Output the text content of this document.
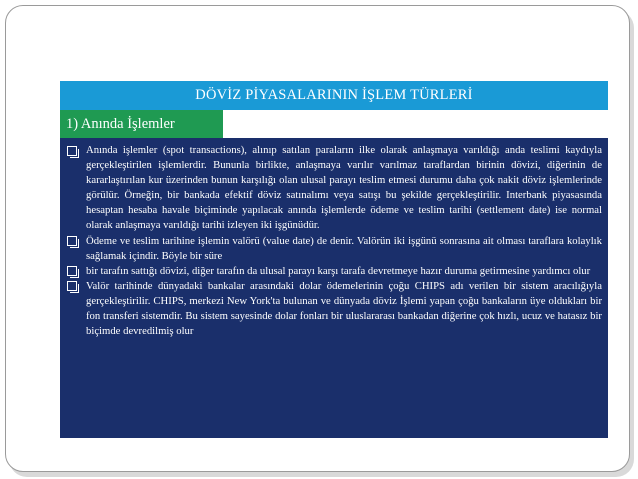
DÖVİZ PİYASALARININ İŞLEM TÜRLERİ
1) Anında İşlemler
Anında işlemler (spot transactions), alınıp satılan paraların ilke olarak anlaşmaya varıldığı anda teslimi kaydıyla gerçekleştirilen işlemlerdir. Bununla birlikte, anlaşmaya varılır varılmaz taraflardan birinin dövizi, diğerinin de kararlaştırılan kur üzerinden bunun karşılığı olan ulusal parayı teslim etmesi durumu daha çok nakit döviz işlemlerinde görülür. Örneğin, bir bankada efektif döviz satınalımı veya satışı bu şekilde gerçekleştirilir. Interbank piyasasında hesaptan hesaba havale biçiminde yapılacak anında işlemlerde ödeme ve teslim tarihi (settlement date) ise normal olarak anlaşmaya varıldığı tarihi izleyen iki işgünüdür.
Ödeme ve teslim tarihine işlemin valörü (value date) de denir. Valörün iki işgünü sonrasına ait olması taraflara kolaylık sağlamak içindir. Böyle bir süre
bir tarafın sattığı dövizi, diğer tarafın da ulusal parayı karşı tarafa devretmeye hazır duruma getirmesine yardımcı olur
Valör tarihinde dünyadaki bankalar arasındaki dolar ödemelerinin çoğu CHIPS adı verilen bir sistem aracılığıyla gerçekleştirilir. CHIPS, merkezi New York'ta bulunan ve dünyada döviz İşlemi yapan çoğu bankaların üye oldukları bir fon transferi sistemdir. Bu sistem sayesinde dolar fonları bir uluslararası bankadan diğerine çok hızlı, ucuz ve hatasız bir biçimde devredilmiş olur
